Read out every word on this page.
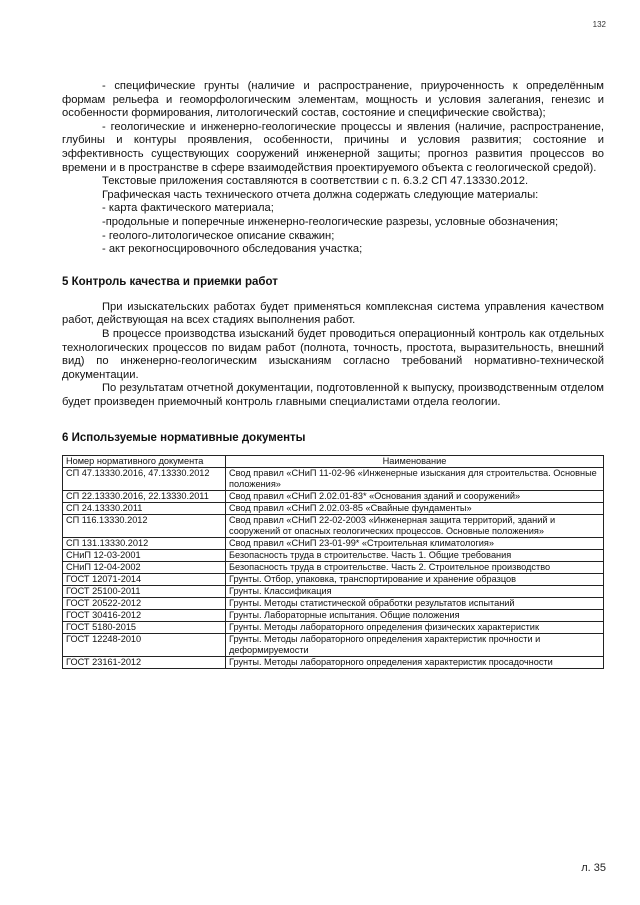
132

- специфические грунты (наличие и распространение, приуроченность к определённым формам рельефа и геоморфологическим элементам, мощность и условия залегания, генезис и особенности формирования, литологический состав, состояние и специфические свойства);

- геологические и инженерно-геологические процессы и явления (наличие, распространение, глубины и контуры проявления, особенности, причины и условия развития; состояние и эффективность существующих сооружений инженерной защиты; прогноз развития процессов во времени и в пространстве в сфере взаимодействия проектируемого объекта с геологической средой).

Текстовые приложения составляются в соответствии с п. 6.3.2 СП 47.13330.2012.

Графическая часть технического отчета должна содержать следующие материалы:

- карта фактического материала;

-продольные и поперечные инженерно-геологические разрезы, условные обозначения;

- геолого-литологическое описание скважин;

- акт рекогносцировочного обследования участка;

5 Контроль качества и приемки работ

При изыскательских работах будет применяться комплексная система управления качеством работ, действующая на всех стадиях выполнения работ.

В процессе производства изысканий будет проводиться операционный контроль как отдельных технологических процессов по видам работ (полнота, точность, простота, выразительность, внешний вид) по инженерно-геологическим изысканиям согласно требований нормативно-технической документации.

По результатам отчетной документации, подготовленной к выпуску, производственным отделом будет произведен приемочный контроль главными специалистами отдела геологии.

6 Используемые нормативные документы
Номер нормативного документа	Наименование
СП 47.13330.2016, 47.13330.2012	Свод правил «СНиП 11-02-96 «Инженерные изыскания для строительства. Основные положения»
СП 22.13330.2016, 22.13330.2011	Свод правил «СНиП 2.02.01-83* «Основания зданий и сооружений»
СП 24.13330.2011	Свод правил «СНиП 2.02.03-85 «Свайные фундаменты»
СП 116.13330.2012	Свод правил «СНиП 22-02-2003 «Инженерная защита территорий, зданий и сооружений от опасных геологических процессов. Основные положения»
СП 131.13330.2012	Свод правил «СНиП 23-01-99* «Строительная климатология»
СНиП 12-03-2001	Безопасность труда в строительстве. Часть 1. Общие требования
СНиП 12-04-2002	Безопасность труда в строительстве. Часть 2. Строительное производство
ГОСТ 12071-2014	Грунты. Отбор, упаковка, транспортирование и хранение образцов
ГОСТ 25100-2011	Грунты. Классификация
ГОСТ 20522-2012	Грунты. Методы статистической обработки результатов испытаний
ГОСТ 30416-2012	Грунты. Лабораторные испытания. Общие положения
ГОСТ 5180-2015	Грунты. Методы лабораторного определения физических характеристик
ГОСТ 12248-2010	Грунты. Методы лабораторного определения характеристик прочности и деформируемости
ГОСТ 23161-2012	Грунты. Методы лабораторного определения характеристик просадочности
л. 35
